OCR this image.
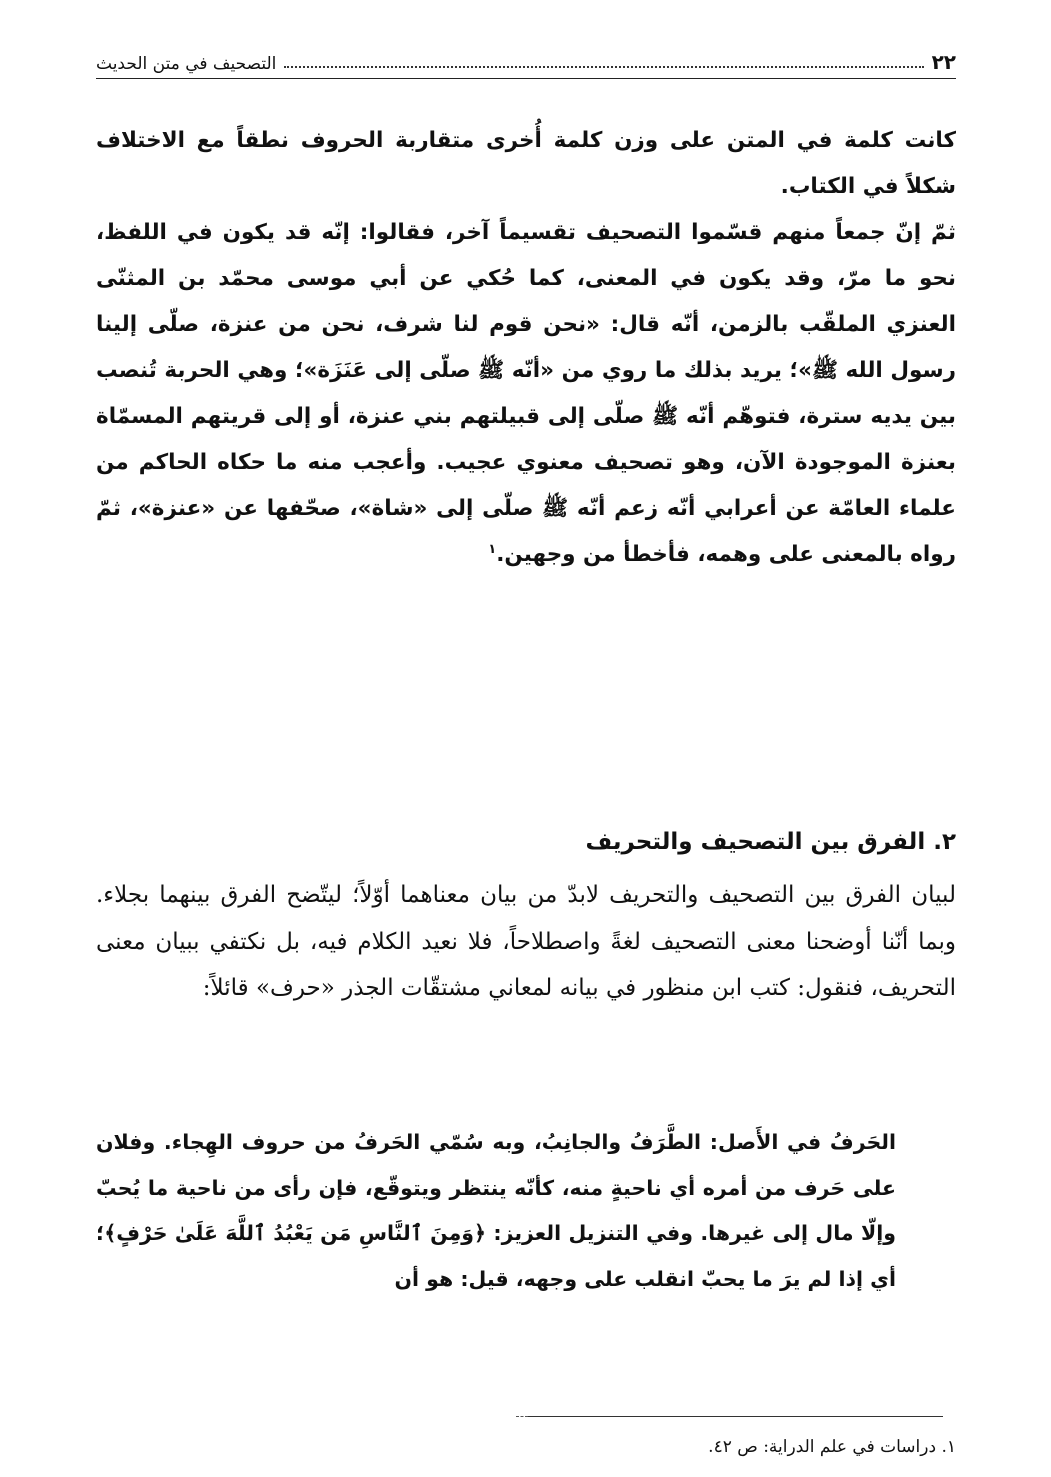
٢٢
التصحيف في متن الحديث

كانت كلمة في المتن على وزن كلمة أُخرى متقاربة الحروف نطقاً مع الاختلاف شكلاً في الكتاب.

ثمّ إنّ جمعاً منهم قسّموا التصحيف تقسيماً آخر، فقالوا: إنّه قد يكون في اللفظ، نحو ما مرّ، وقد يكون في المعنى، كما حُكي عن أبي موسى محمّد بن المثنّى العنزي الملقّب بالزمن، أنّه قال: «نحن قوم لنا شرف، نحن من عنزة، صلّى إلينا رسول الله ﷺ»؛ يريد بذلك ما روي من «أنّه ﷺ صلّى إلى عَنَزَة»؛ وهي الحربة تُنصب بين يديه سترة، فتوهّم أنّه ﷺ صلّى إلى قبيلتهم بني عنزة، أو إلى قريتهم المسمّاة بعنزة الموجودة الآن، وهو تصحيف معنوي عجيب. وأعجب منه ما حكاه الحاكم من علماء العامّة عن أعرابي أنّه زعم أنّه ﷺ صلّى إلى «شاة»، صحّفها عن «عنزة»، ثمّ رواه بالمعنى على وهمه، فأخطأ من وجهين.$^١$

٢. الفرق بين التصحيف والتحريف

لبيان الفرق بين التصحيف والتحريف لابدّ من بيان معناهما أوّلاً؛ ليتّضح الفرق بينهما بجلاء. وبما أنّنا أوضحنا معنى التصحيف لغةً واصطلاحاً، فلا نعيد الكلام فيه، بل نكتفي ببيان معنى التحريف، فنقول: كتب ابن منظور في بيانه لمعاني مشتقّات الجذر «حرف» قائلاً:

الحَرفُ في الأَصل: الطَّرَفُ والجانِبُ، وبه سُمّي الحَرفُ من حروف الهِجاء. وفلان على حَرف من أمره أي ناحيةٍ منه، كأنّه ينتظر ويتوقّع، فإن رأى من ناحية ما يُحبّ وإلّا مال إلى غيرها. وفي التنزيل العزيز: ﴿وَمِنَ ٱلنَّاسِ مَن يَعْبُدُ ٱللَّهَ عَلَىٰ حَرْفٍ﴾؛ أي إذا لم يرَ ما يحبّ انقلب على وجهه، قيل: هو أن

١. دراسات في علم الدراية: ص ٤٢.
